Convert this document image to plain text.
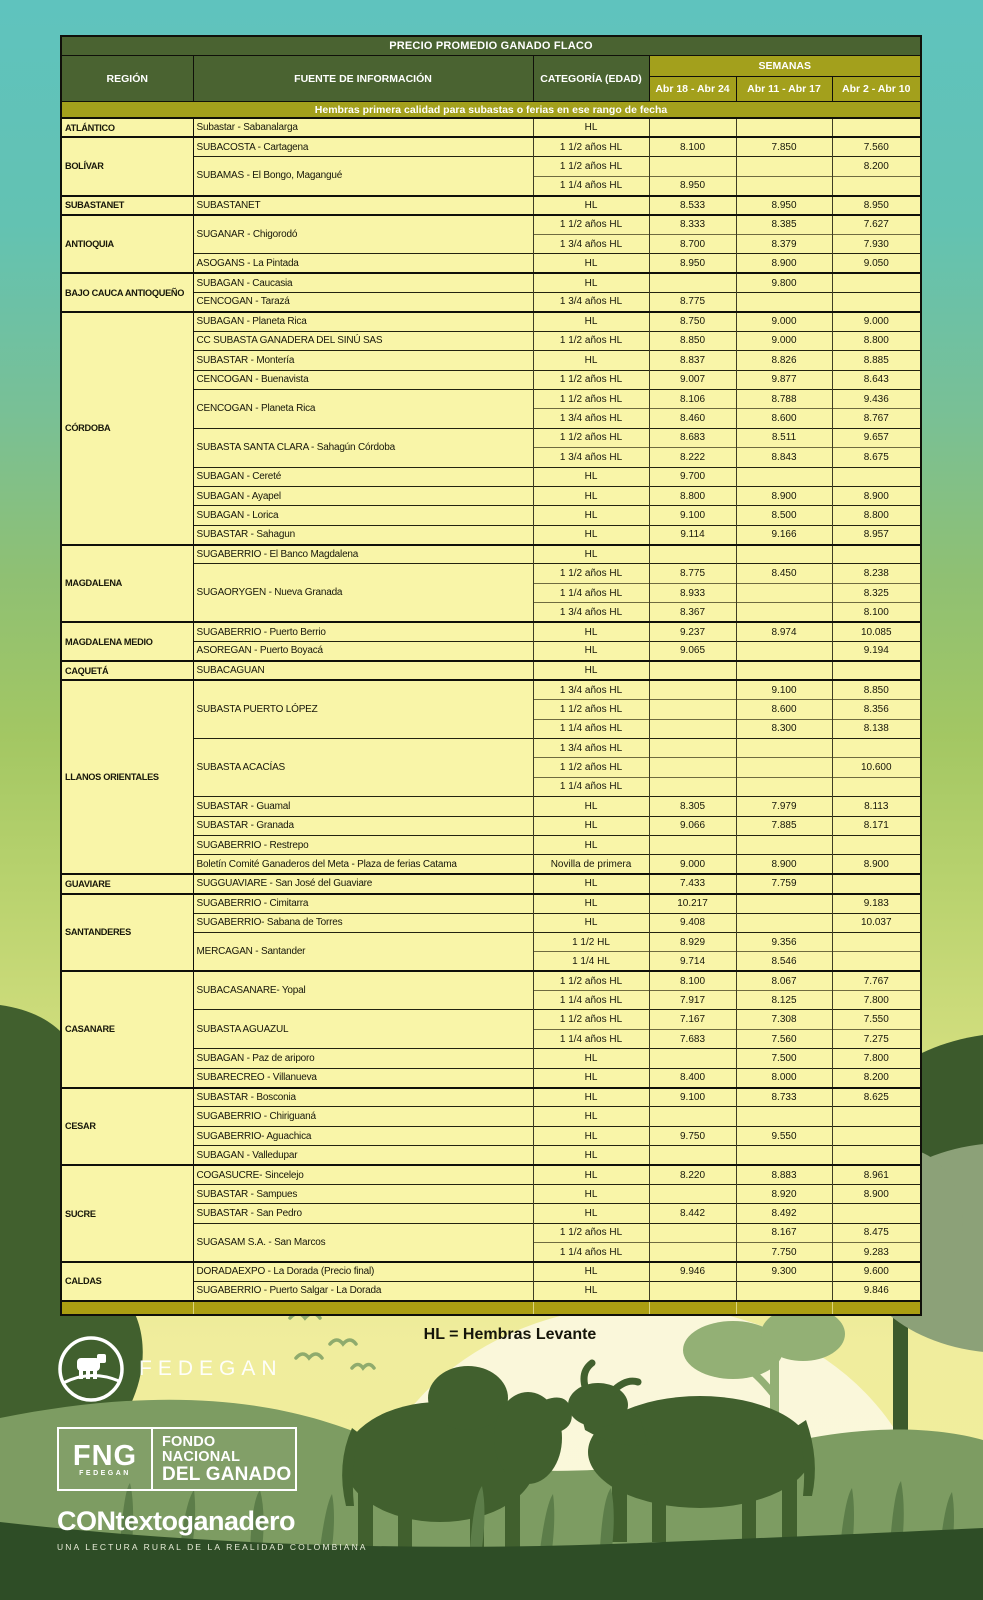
PRECIO PROMEDIO GANADO FLACO					
REGIÓN	FUENTE DE INFORMACIÓN	CATEGORÍA (EDAD)	SEMANAS		
			Abr 18 - Abr 24	Abr 11 - Abr 17	Abr 2 - Abr 10
Hembras primera calidad para subastas o ferias en ese rango de fecha					
ATLÁNTICO	Subastar - Sabanalarga	HL			
BOLÍVAR	SUBACOSTA - Cartagena	1 1/2 años HL	8.100	7.850	7.560
	SUBAMAS - El Bongo, Magangué	1 1/2 años HL			8.200
		1 1/4 años HL	8.950		
SUBASTANET	SUBASTANET	HL	8.533	8.950	8.950
ANTIOQUIA	SUGANAR - Chigorodó	1 1/2 años HL	8.333	8.385	7.627
		1 3/4 años HL	8.700	8.379	7.930
	ASOGANS - La Pintada	HL	8.950	8.900	9.050
BAJO CAUCA ANTIOQUEÑO	SUBAGAN - Caucasia	HL		9.800	
	CENCOGAN - Tarazá	1 3/4 años HL	8.775		
CÓRDOBA	SUBAGAN - Planeta Rica	HL	8.750	9.000	9.000
	CC SUBASTA GANADERA DEL SINÚ SAS	1 1/2 años HL	8.850	9.000	8.800
	SUBASTAR - Montería	HL	8.837	8.826	8.885
	CENCOGAN - Buenavista	1 1/2 años HL	9.007	9.877	8.643
	CENCOGAN - Planeta Rica	1 1/2 años HL	8.106	8.788	9.436
		1 3/4 años HL	8.460	8.600	8.767
	SUBASTA SANTA CLARA - Sahagún Córdoba	1 1/2 años HL	8.683	8.511	9.657
		1 3/4 años HL	8.222	8.843	8.675
	SUBAGAN - Cereté	HL	9.700		
	SUBAGAN - Ayapel	HL	8.800	8.900	8.900
	SUBAGAN - Lorica	HL	9.100	8.500	8.800
	SUBASTAR - Sahagun	HL	9.114	9.166	8.957
MAGDALENA	SUGABERRIO - El Banco Magdalena	HL			
	SUGAORYGEN - Nueva Granada	1 1/2 años HL	8.775	8.450	8.238
		1 1/4 años HL	8.933		8.325
		1 3/4 años HL	8.367		8.100
MAGDALENA MEDIO	SUGABERRIO - Puerto Berrio	HL	9.237	8.974	10.085
	ASOREGAN - Puerto Boyacá	HL	9.065		9.194
CAQUETÁ	SUBACAGUAN	HL			
LLANOS ORIENTALES	SUBASTA PUERTO LÓPEZ	1 3/4 años HL		9.100	8.850
		1 1/2 años HL		8.600	8.356
		1 1/4 años HL		8.300	8.138
	SUBASTA ACACÍAS	1 3/4 años HL			
		1 1/2 años HL			10.600
		1 1/4 años HL			
	SUBASTAR - Guamal	HL	8.305	7.979	8.113
	SUBASTAR - Granada	HL	9.066	7.885	8.171
	SUGABERRIO - Restrepo	HL			
	Boletín Comité Ganaderos del Meta - Plaza de ferias Catama	Novilla de primera	9.000	8.900	8.900
GUAVIARE	SUGGUAVIARE - San José del Guaviare	HL	7.433	7.759	
SANTANDERES	SUGABERRIO - Cimitarra	HL	10.217		9.183
	SUGABERRIO- Sabana de Torres	HL	9.408		10.037
	MERCAGAN - Santander	1 1/2 HL	8.929	9.356	
		1 1/4 HL	9.714	8.546	
CASANARE	SUBACASANARE- Yopal	1 1/2 años HL	8.100	8.067	7.767
		1 1/4 años HL	7.917	8.125	7.800
	SUBASTA AGUAZUL	1 1/2 años HL	7.167	7.308	7.550
		1 1/4 años HL	7.683	7.560	7.275
	SUBAGAN - Paz de ariporo	HL		7.500	7.800
	SUBARECREO - Villanueva	HL	8.400	8.000	8.200
CESAR	SUBASTAR - Bosconia	HL	9.100	8.733	8.625
	SUGABERRIO - Chiriguaná	HL			
	SUGABERRIO- Aguachica	HL	9.750	9.550	
	SUBAGAN - Valledupar	HL			
SUCRE	COGASUCRE- Sincelejo	HL	8.220	8.883	8.961
	SUBASTAR - Sampues	HL		8.920	8.900
	SUBASTAR - San Pedro	HL	8.442	8.492	
	SUGASAM S.A. - San Marcos	1 1/2 años HL		8.167	8.475
		1 1/4 años HL		7.750	9.283
CALDAS	DORADAEXPO - La Dorada (Precio final)	HL	9.946	9.300	9.600
	SUGABERRIO - Puerto Salgar - La Dorada	HL			9.846

HL = Hembras Levante
FEDEGAN
FNG
FEDEGAN
FONDO NACIONAL
DEL GANADO
CONtextoganadero
UNA LECTURA RURAL DE LA REALIDAD COLOMBIANA
